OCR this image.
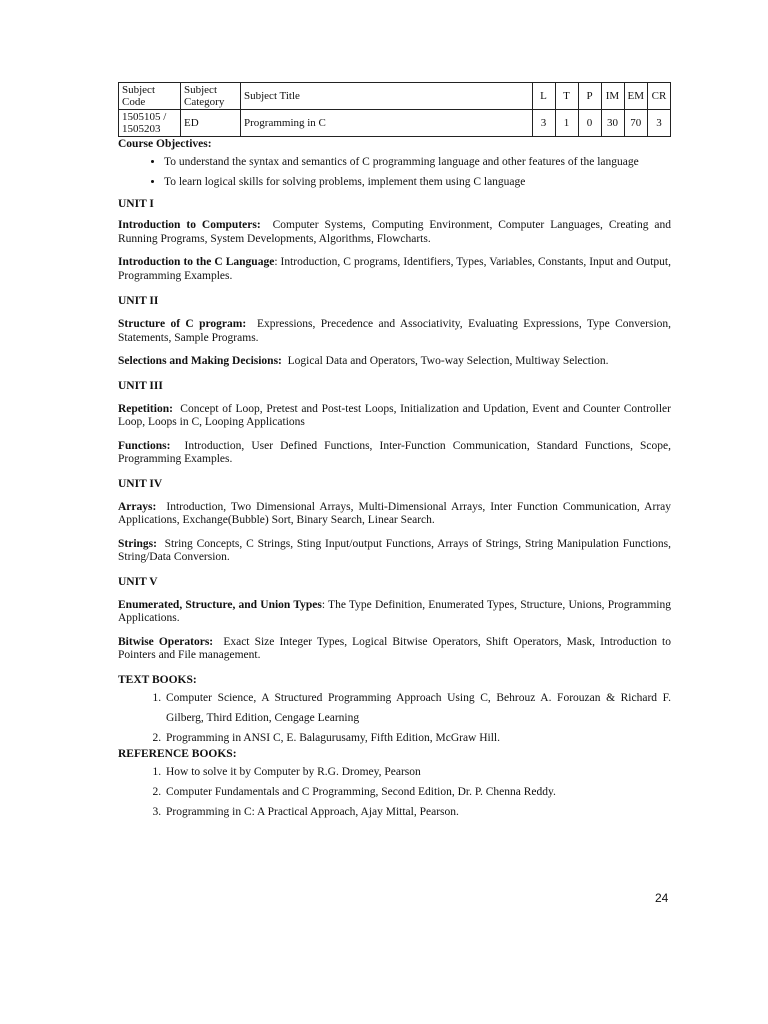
Subject Code	Subject Category	Subject Title	L	T	P	IM	EM	CR
1505105 / 1505203	ED	Programming in C	3	1	0	30	70	3

Course Objectives:

• To understand the syntax and semantics of C programming language and other features of the language
• To learn logical skills for solving problems, implement them using C language

UNIT I

Introduction to Computers: Computer Systems, Computing Environment, Computer Languages, Creating and Running Programs, System Developments, Algorithms, Flowcharts.

Introduction to the C Language: Introduction, C programs, Identifiers, Types, Variables, Constants, Input and Output, Programming Examples.

UNIT II

Structure of C program: Expressions, Precedence and Associativity, Evaluating Expressions, Type Conversion, Statements, Sample Programs.

Selections and Making Decisions: Logical Data and Operators, Two-way Selection, Multiway Selection.

UNIT III

Repetition: Concept of Loop, Pretest and Post-test Loops, Initialization and Updation, Event and Counter Controller Loop, Loops in C, Looping Applications

Functions: Introduction, User Defined Functions, Inter-Function Communication, Standard Functions, Scope, Programming Examples.

UNIT IV

Arrays: Introduction, Two Dimensional Arrays, Multi-Dimensional Arrays, Inter Function Communication, Array Applications, Exchange(Bubble) Sort, Binary Search, Linear Search.

Strings: String Concepts, C Strings, Sting Input/output Functions, Arrays of Strings, String Manipulation Functions, String/Data Conversion.

UNIT V

Enumerated, Structure, and Union Types: The Type Definition, Enumerated Types, Structure, Unions, Programming Applications.

Bitwise Operators: Exact Size Integer Types, Logical Bitwise Operators, Shift Operators, Mask, Introduction to Pointers and File management.

TEXT BOOKS:

1. Computer Science, A Structured Programming Approach Using C, Behrouz A. Forouzan & Richard F. Gilberg, Third Edition, Cengage Learning
2. Programming in ANSI C, E. Balagurusamy, Fifth Edition, McGraw Hill.

REFERENCE BOOKS:

1. How to solve it by Computer by R.G. Dromey, Pearson
2. Computer Fundamentals and C Programming, Second Edition, Dr. P. Chenna Reddy.
3. Programming in C: A Practical Approach, Ajay Mittal, Pearson.
24
